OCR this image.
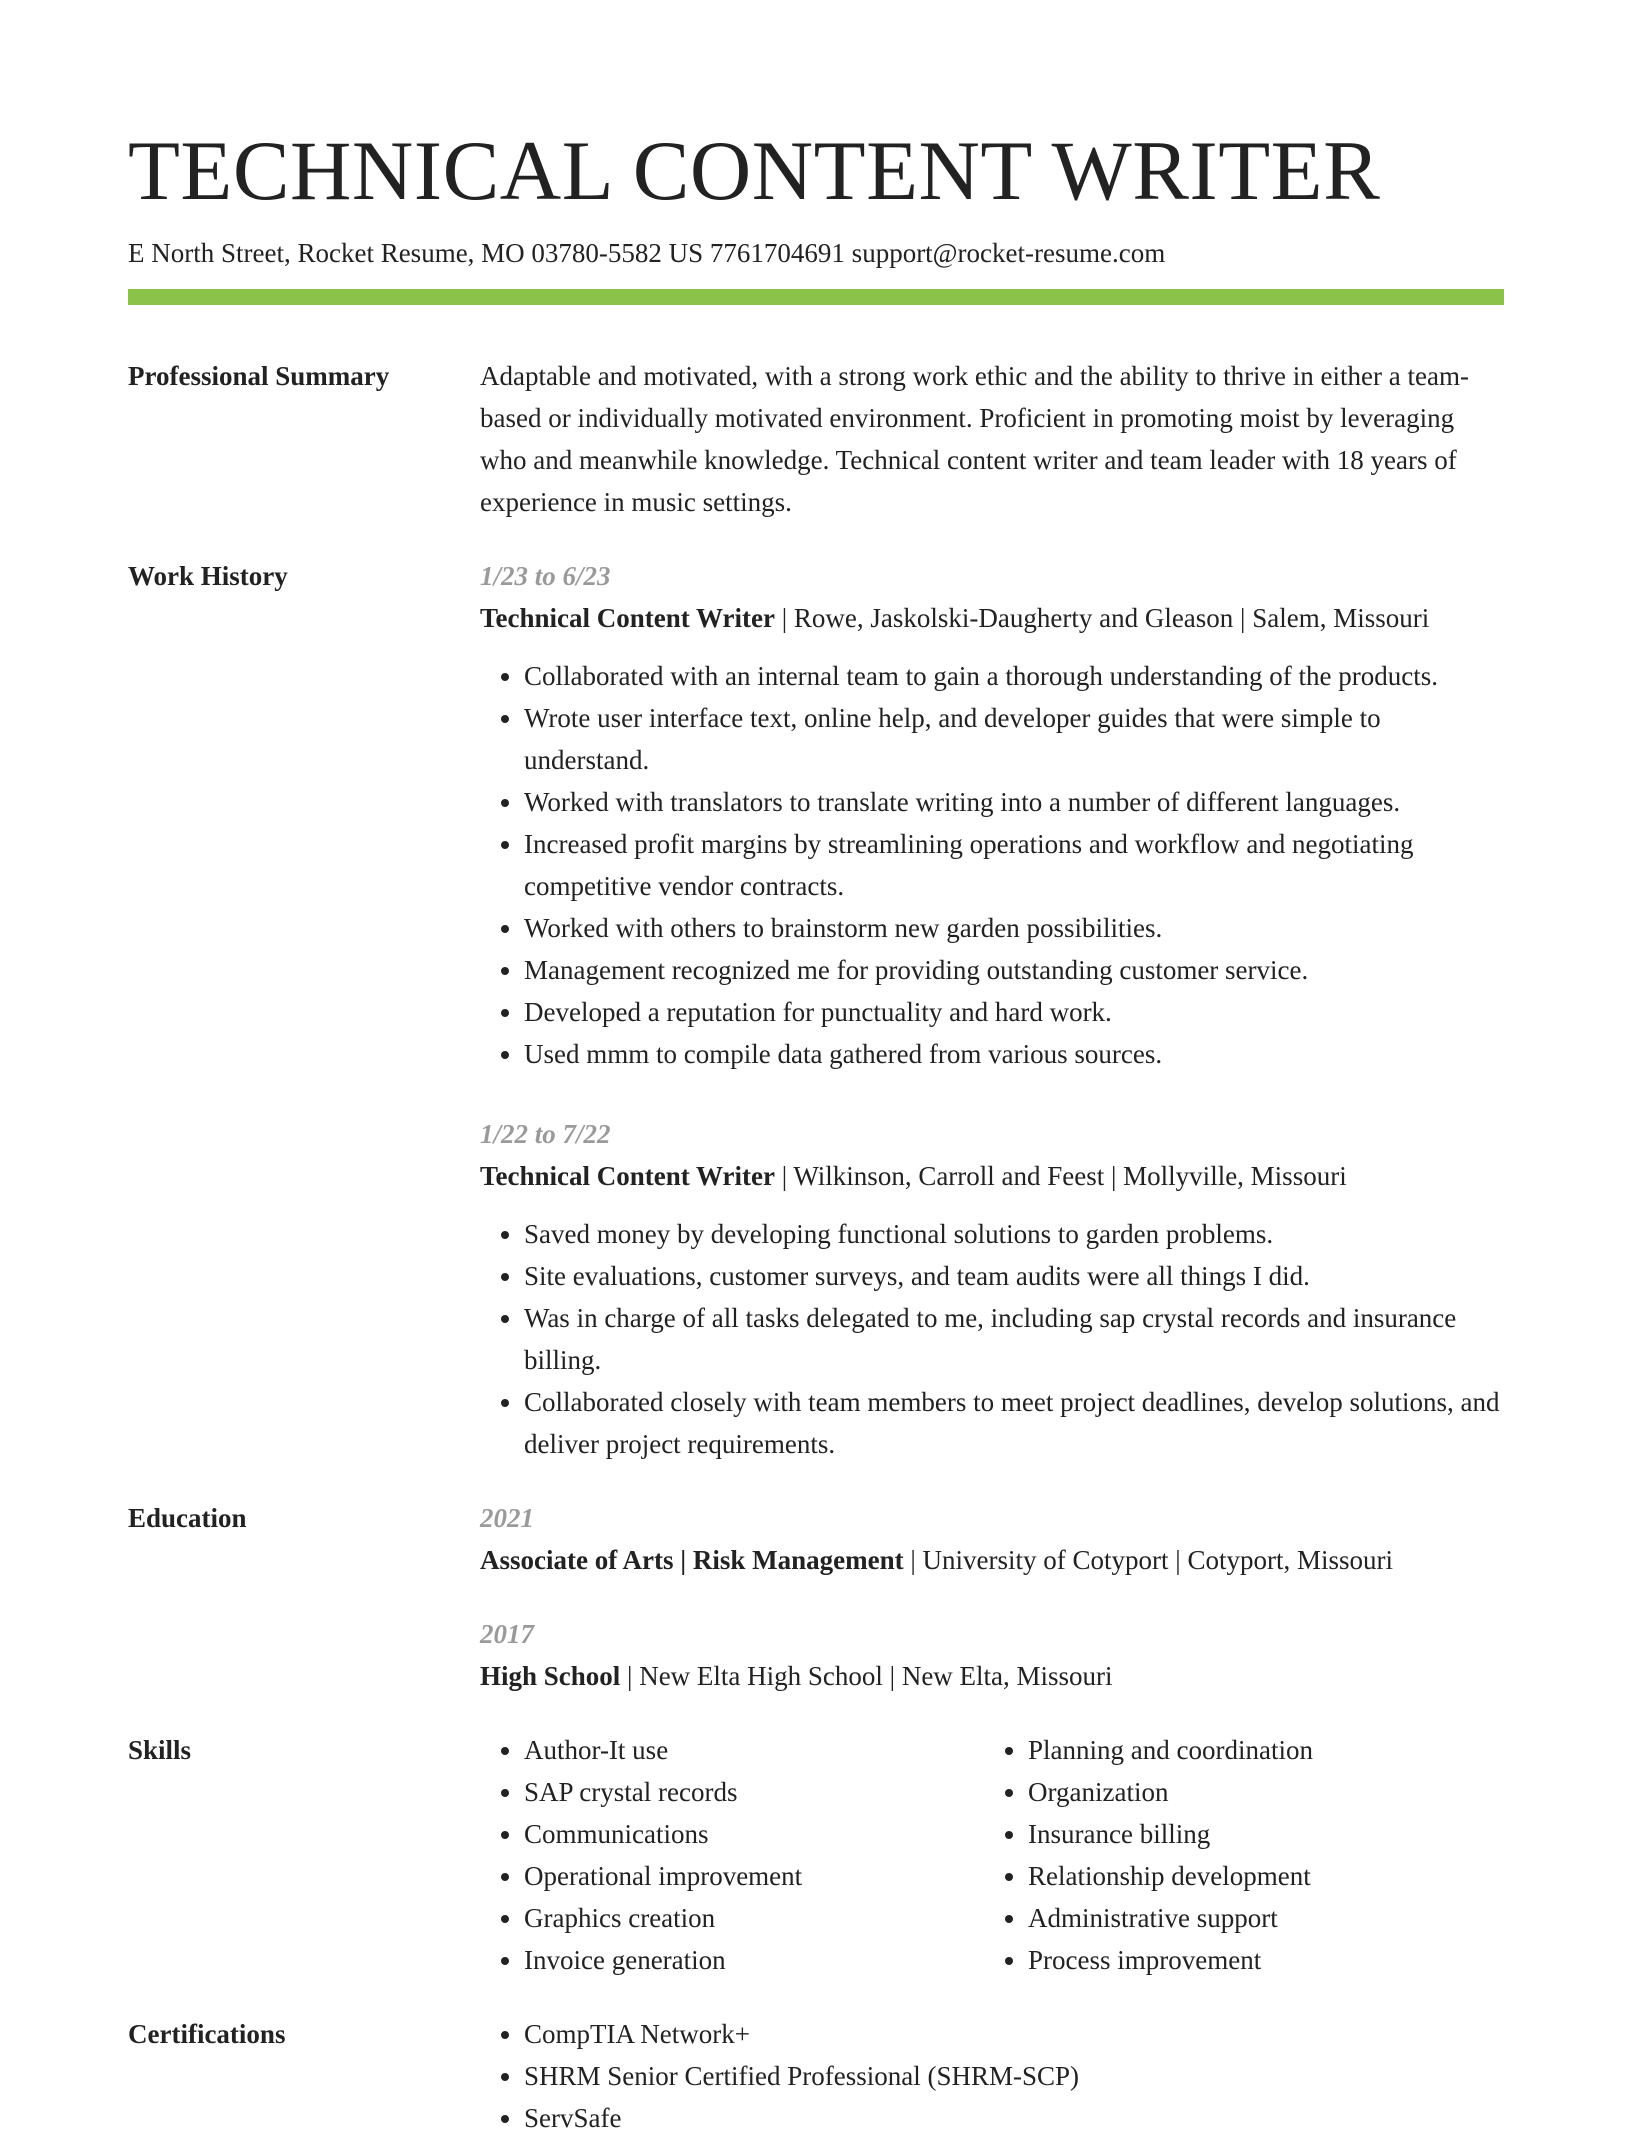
TECHNICAL CONTENT WRITER
E North Street, Rocket Resume, MO 03780-5582 US 7761704691 support@rocket-resume.com
Professional Summary	Adaptable and motivated, with a strong work ethic and the ability to thrive in either a team-based or individually motivated environment. Proficient in promoting moist by leveraging who and meanwhile knowledge. Technical content writer and team leader with 18 years of experience in music settings.
Work History	1/23 to 6/23
Technical Content Writer | Rowe, Jaskolski-Daugherty and Gleason | Salem, Missouri
• Collaborated with an internal team to gain a thorough understanding of the products.
• Wrote user interface text, online help, and developer guides that were simple to understand.
• Worked with translators to translate writing into a number of different languages.
• Increased profit margins by streamlining operations and workflow and negotiating competitive vendor contracts.
• Worked with others to brainstorm new garden possibilities.
• Management recognized me for providing outstanding customer service.
• Developed a reputation for punctuality and hard work.
• Used mmm to compile data gathered from various sources.
1/22 to 7/22
Technical Content Writer | Wilkinson, Carroll and Feest | Mollyville, Missouri
• Saved money by developing functional solutions to garden problems.
• Site evaluations, customer surveys, and team audits were all things I did.
• Was in charge of all tasks delegated to me, including sap crystal records and insurance billing.
• Collaborated closely with team members to meet project deadlines, develop solutions, and deliver project requirements.
Education	2021
Associate of Arts | Risk Management | University of Cotyport | Cotyport, Missouri
2017
High School | New Elta High School | New Elta, Missouri
Skills	• Author-It use
• SAP crystal records
• Communications
• Operational improvement
• Graphics creation
• Invoice generation
• Planning and coordination
• Organization
• Insurance billing
• Relationship development
• Administrative support
• Process improvement
Certifications	• CompTIA Network+
• SHRM Senior Certified Professional (SHRM-SCP)
• ServSafe
